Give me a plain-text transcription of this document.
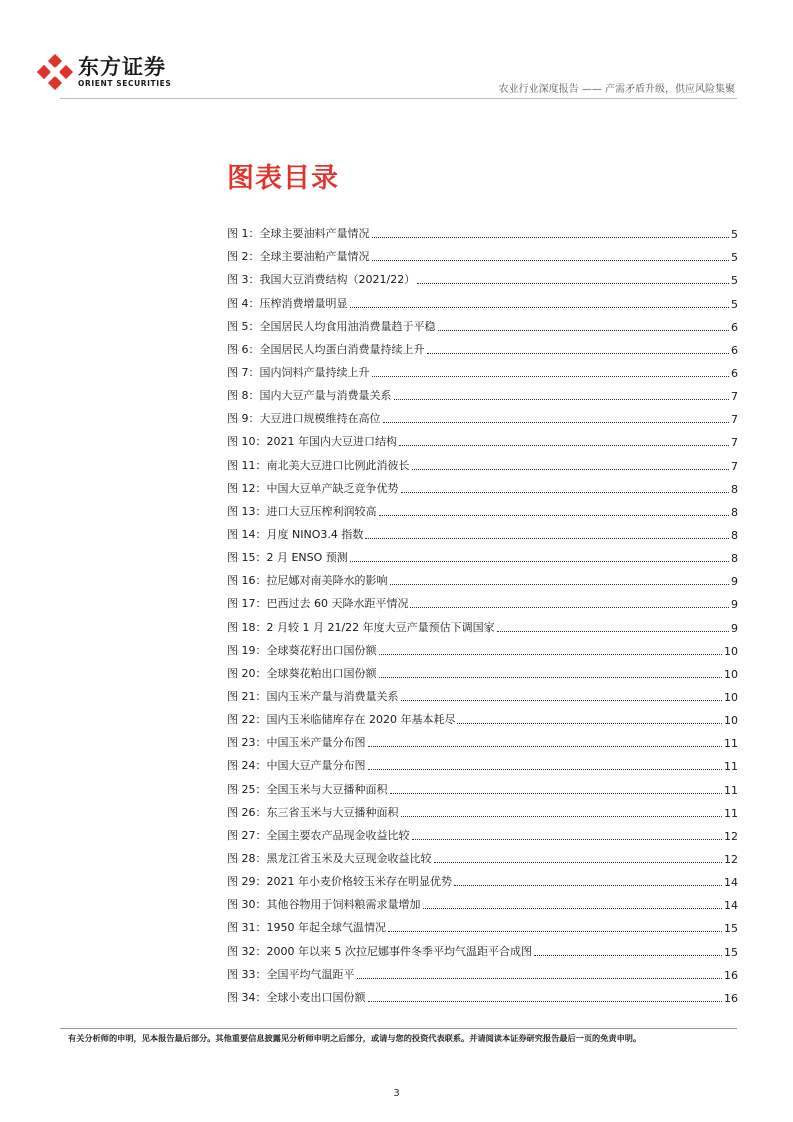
东方证券
ORIENT SECURITIES
农业行业深度报告 —— 产需矛盾升级，供应风险集聚
图表目录
图 1：全球主要油料产量情况	5
图 2：全球主要油粕产量情况	5
图 3：我国大豆消费结构（2021/22）	5
图 4：压榨消费增量明显	5
图 5：全国居民人均食用油消费量趋于平稳	6
图 6：全国居民人均蛋白消费量持续上升	6
图 7：国内饲料产量持续上升	6
图 8：国内大豆产量与消费量关系	7
图 9：大豆进口规模维持在高位	7
图 10：2021 年国内大豆进口结构	7
图 11：南北美大豆进口比例此消彼长	7
图 12：中国大豆单产缺乏竞争优势	8
图 13：进口大豆压榨利润较高	8
图 14：月度 NINO3.4 指数	8
图 15：2 月 ENSO 预测	8
图 16：拉尼娜对南美降水的影响	9
图 17：巴西过去 60 天降水距平情况	9
图 18：2 月较 1 月 21/22 年度大豆产量预估下调国家	9
图 19：全球葵花籽出口国份额	10
图 20：全球葵花粕出口国份额	10
图 21：国内玉米产量与消费量关系	10
图 22：国内玉米临储库存在 2020 年基本耗尽	10
图 23：中国玉米产量分布图	11
图 24：中国大豆产量分布图	11
图 25：全国玉米与大豆播种面积	11
图 26：东三省玉米与大豆播种面积	11
图 27：全国主要农产品现金收益比较	12
图 28：黑龙江省玉米及大豆现金收益比较	12
图 29：2021 年小麦价格较玉米存在明显优势	14
图 30：其他谷物用于饲料粮需求量增加	14
图 31：1950 年起全球气温情况	15
图 32：2000 年以来 5 次拉尼娜事件冬季平均气温距平合成图	15
图 33：全国平均气温距平	16
图 34：全球小麦出口国份额	16
有关分析师的申明，见本报告最后部分。其他重要信息披露见分析师申明之后部分，或请与您的投资代表联系。并请阅读本证券研究报告最后一页的免责申明。
3
